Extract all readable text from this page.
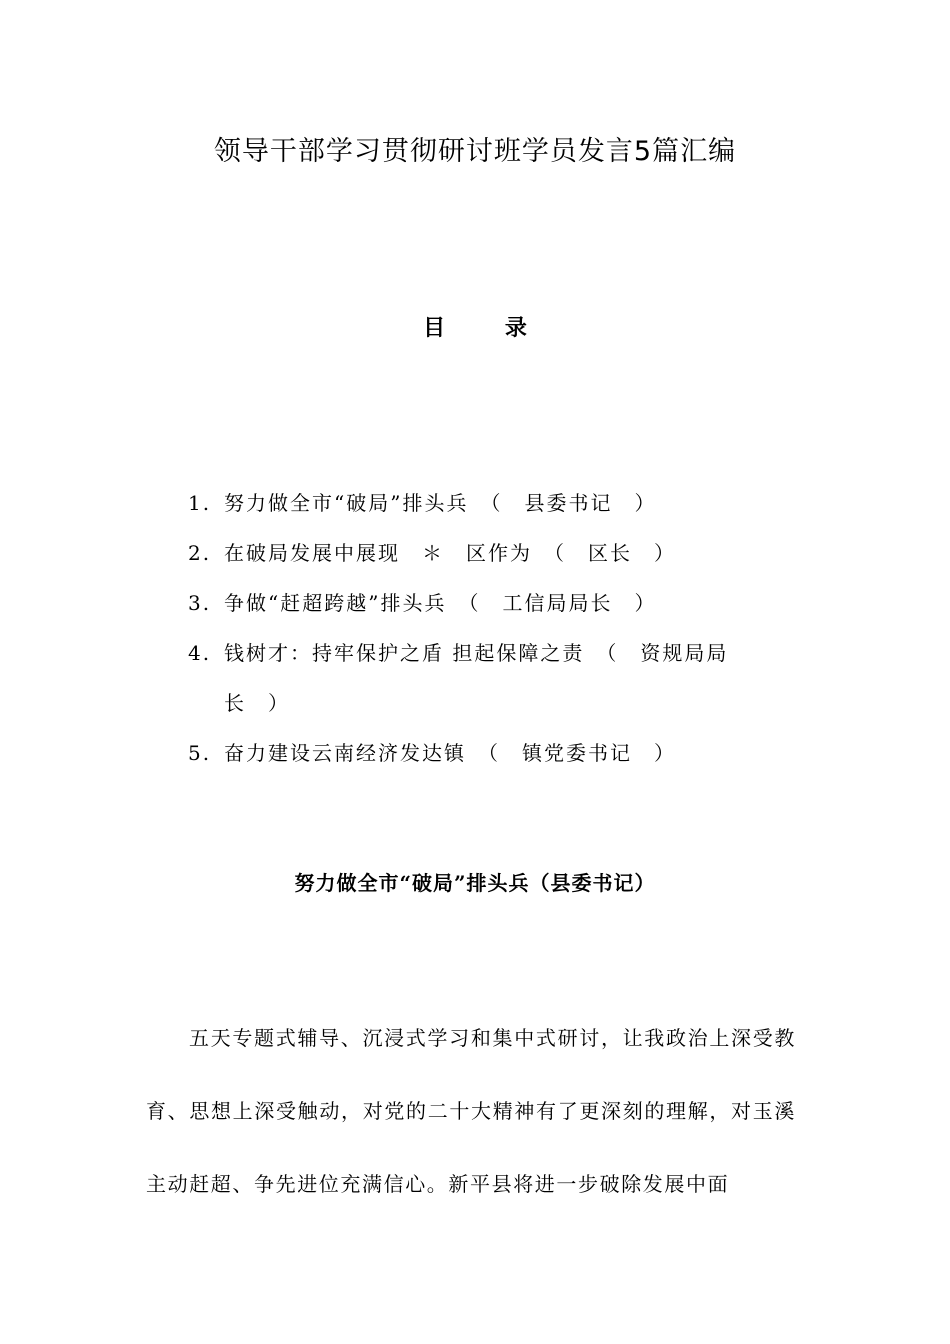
领导干部学习贯彻研讨班学员发言5篇汇编
目 录
1. 努力做全市“破局”排头兵　（　县委书记　）
2. 在破局发展中展现　＊　区作为　（　区长　）
3. 争做“赶超跨越”排头兵　（　工信局局长　）
4. 钱树才：持牢保护之盾 担起保障之责　（　资规局局长　）
5. 奋力建设云南经济发达镇　（　镇党委书记　）
努力做全市“破局”排头兵（县委书记）

五天专题式辅导、沉浸式学习和集中式研讨，让我政治上深受教育、思想上深受触动，对党的二十大精神有了更深刻的理解，对玉溪主动赶超、争先进位充满信心。新平县将进一步破除发展中面
